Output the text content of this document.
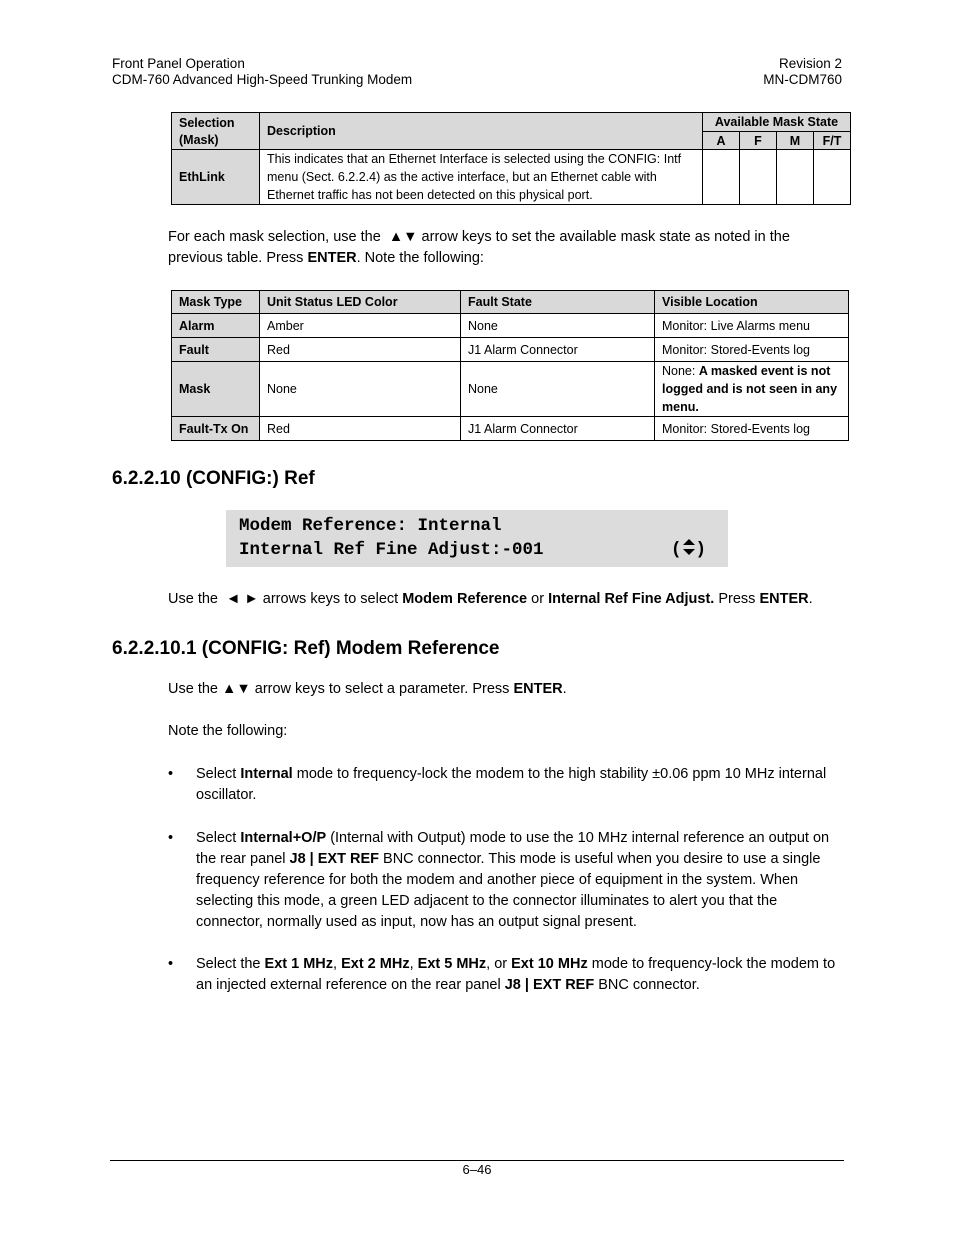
Front Panel Operation
CDM-760 Advanced High-Speed Trunking Modem
Revision 2
MN-CDM760
Selection (Mask)	Description	Available Mask State			
		A	F	M	F/T
EthLink	This indicates that an Ethernet Interface is selected using the CONFIG: Intf menu (Sect. 6.2.2.4) as the active interface, but an Ethernet cable with Ethernet traffic has not been detected on this physical port.				
For each mask selection, use the ▲▼ arrow keys to set the available mask state as noted in the previous table. Press ENTER. Note the following:
Mask Type	Unit Status LED Color	Fault State	Visible Location
Alarm	Amber	None	Monitor: Live Alarms menu
Fault	Red	J1 Alarm Connector	Monitor: Stored-Events log
Mask	None	None	None: A masked event is not logged and is not seen in any menu.
Fault-Tx On	Red	J1 Alarm Connector	Monitor: Stored-Events log
6.2.2.10 (CONFIG:) Ref
Modem Reference: Internal
Internal Ref Fine Adjust:-001	( )
Use the ◄ ► arrows keys to select Modem Reference or Internal Ref Fine Adjust. Press ENTER.
6.2.2.10.1 (CONFIG: Ref) Modem Reference
Use the ▲▼ arrow keys to select a parameter. Press ENTER.
Note the following:
• Select Internal mode to frequency-lock the modem to the high stability ±0.06 ppm 10 MHz internal oscillator.
• Select Internal+O/P (Internal with Output) mode to use the 10 MHz internal reference an output on the rear panel J8 | EXT REF BNC connector. This mode is useful when you desire to use a single frequency reference for both the modem and another piece of equipment in the system. When selecting this mode, a green LED adjacent to the connector illuminates to alert you that the connector, normally used as input, now has an output signal present.
• Select the Ext 1 MHz, Ext 2 MHz, Ext 5 MHz, or Ext 10 MHz mode to frequency-lock the modem to an injected external reference on the rear panel J8 | EXT REF BNC connector.
6–46
